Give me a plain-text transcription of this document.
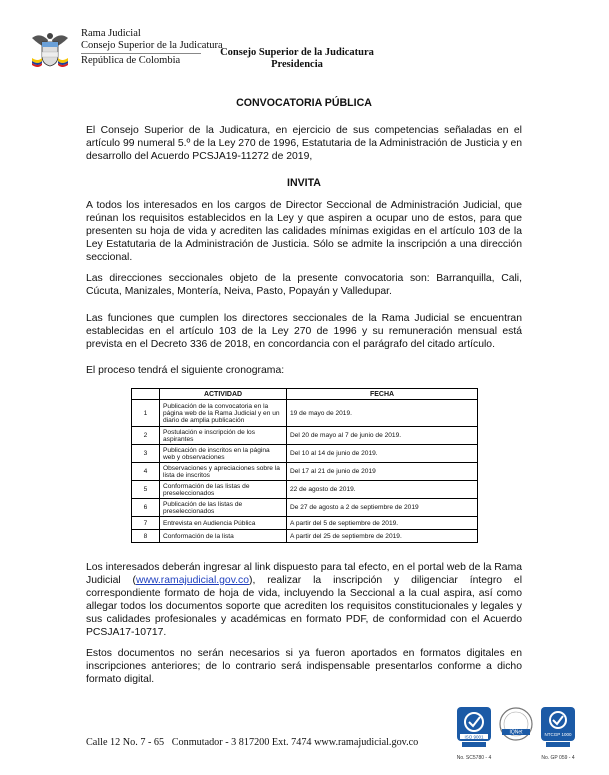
Rama Judicial
Consejo Superior de la Judicatura
República de Colombia
Consejo Superior de la Judicatura
Presidencia
CONVOCATORIA PÚBLICA

El Consejo Superior de la Judicatura, en ejercicio de sus competencias señaladas en el artículo 99 numeral 5.º de la Ley 270 de 1996, Estatutaria de la Administración de Justicia y en desarrollo del Acuerdo PCSJA19-11272 de 2019,

INVITA

A todos los interesados en los cargos de Director Seccional de Administración Judicial, que reúnan los requisitos establecidos en la Ley y que aspiren a ocupar uno de estos, para que presenten su hoja de vida y acrediten las calidades mínimas exigidas en el artículo 103 de la Ley Estatutaria de la Administración de Justicia. Sólo se admite la inscripción a una dirección seccional.

Las direcciones seccionales objeto de la presente convocatoria son: Barranquilla, Cali, Cúcuta, Manizales, Montería, Neiva, Pasto, Popayán y Valledupar.

Las funciones que cumplen los directores seccionales de la Rama Judicial se encuentran establecidas en el artículo 103 de la Ley 270 de 1996 y su remuneración mensual está prevista en el Decreto 336 de 2018, en concordancia con el parágrafo del citado artículo.

El proceso tendrá el siguiente cronograma:

	ACTIVIDAD	FECHA
1	Publicación de la convocatoria en la página web de la Rama Judicial y en un diario de amplia publicación	19 de mayo de 2019.
2	Postulación e inscripción de los aspirantes	Del 20 de mayo al 7 de junio de 2019.
3	Publicación de inscritos en la página web y observaciones	Del 10 al 14 de junio de 2019.
4	Observaciones y apreciaciones sobre la lista de inscritos	Del 17 al 21 de junio de 2019
5	Conformación de las listas de preseleccionados	22 de agosto de 2019.
6	Publicación de las listas de preseleccionados	De 27 de agosto a 2 de septiembre de 2019
7	Entrevista en Audiencia Pública	A partir del 5 de septiembre de 2019.
8	Conformación de la lista	A partir del 25 de septiembre de 2019.

Los interesados deberán ingresar al link dispuesto para tal efecto, en el portal web de la Rama Judicial (www.ramajudicial.gov.co), realizar la inscripción y diligenciar íntegro el correspondiente formato de hoja de vida, incluyendo la Seccional a la cual aspira, así como allegar todos los documentos soporte que acrediten los requisitos constitucionales y legales y sus calidades profesionales y académicas en formato PDF, de conformidad con el Acuerdo PCSJA17-10717.

Estos documentos no serán necesarios si ya fueron aportados en formatos digitales en inscripciones anteriores; de lo contrario será indispensable presentarlos conforme a dicho formato digital.

Calle 12 No. 7 - 65   Conmutador - 3 817200 Ext. 7474 www.ramajudicial.gov.co
ISO 9001
No. SC5780 - 4
IQNet	NTCGP 1000
No. GP 059 - 4
